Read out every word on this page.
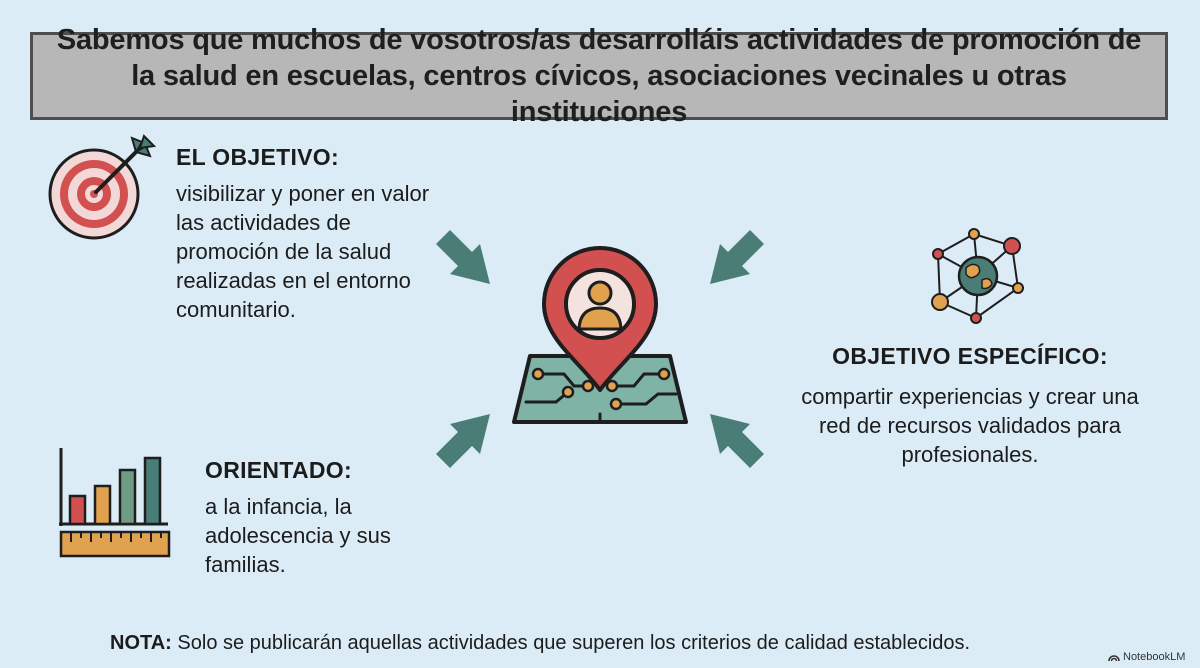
Sabemos que muchos de vosotros/as desarrolláis actividades de promoción de la salud en escuelas, centros cívicos, asociaciones vecinales u otras instituciones
EL OBJETIVO:
visibilizar y poner en valor las actividades de promoción de la salud realizadas en el entorno comunitario.
ORIENTADO:
a la infancia, la adolescencia y sus familias.
OBJETIVO ESPECÍFICO:
compartir experiencias y crear una red de recursos validados para profesionales.
NOTA: Solo se publicarán aquellas actividades que superen los criterios de calidad establecidos.
NotebookLM
